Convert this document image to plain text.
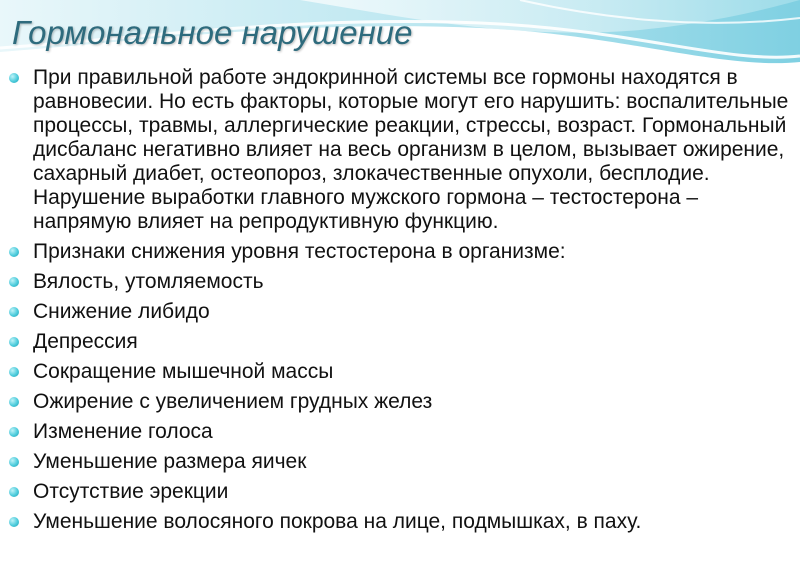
Гормональное нарушение
При правильной работе эндокринной системы все гормоны находятся в равновесии. Но есть факторы, которые могут его нарушить: воспалительные процессы, травмы, аллергические реакции, стрессы, возраст. Гормональный дисбаланс негативно влияет на весь организм в целом, вызывает ожирение, сахарный диабет, остеопороз, злокачественные опухоли, бесплодие. Нарушение выработки главного мужского гормона – тестостерона – напрямую влияет на репродуктивную функцию.
Признаки снижения уровня тестостерона в организме:
Вялость, утомляемость
Снижение либидо
Депрессия
Сокращение мышечной массы
Ожирение с увеличением грудных желез
Изменение голоса
Уменьшение размера яичек
Отсутствие эрекции
Уменьшение волосяного покрова на лице, подмышках, в паху.
